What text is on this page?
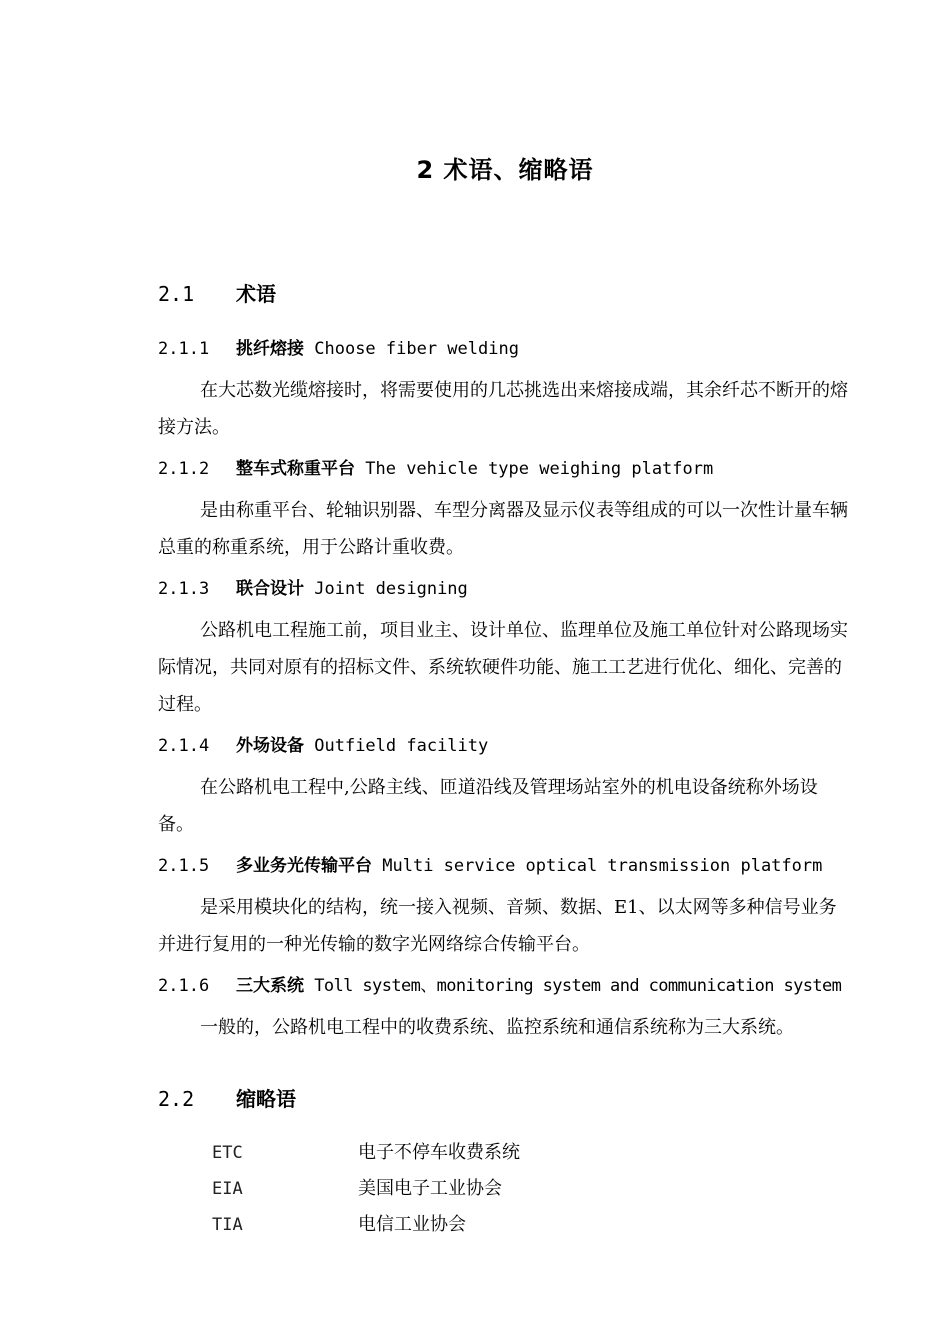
2 术语、缩略语
2.1 术语
2.1.1 挑纤熔接 Choose fiber welding
在大芯数光缆熔接时，将需要使用的几芯挑选出来熔接成端，其余纤芯不断开的熔接方法。
2.1.2 整车式称重平台 The vehicle type weighing platform
是由称重平台、轮轴识别器、车型分离器及显示仪表等组成的可以一次性计量车辆总重的称重系统，用于公路计重收费。
2.1.3 联合设计 Joint designing
公路机电工程施工前，项目业主、设计单位、监理单位及施工单位针对公路现场实际情况，共同对原有的招标文件、系统软硬件功能、施工工艺进行优化、细化、完善的过程。
2.1.4 外场设备 Outfield facility
在公路机电工程中,公路主线、匝道沿线及管理场站室外的机电设备统称外场设备。
2.1.5 多业务光传输平台 Multi service optical transmission platform
是采用模块化的结构，统一接入视频、音频、数据、E1、以太网等多种信号业务并进行复用的一种光传输的数字光网络综合传输平台。
2.1.6 三大系统 Toll system、monitoring system and communication system
一般的，公路机电工程中的收费系统、监控系统和通信系统称为三大系统。
2.2 缩略语
ETC	电子不停车收费系统
EIA	美国电子工业协会
TIA	电信工业协会
